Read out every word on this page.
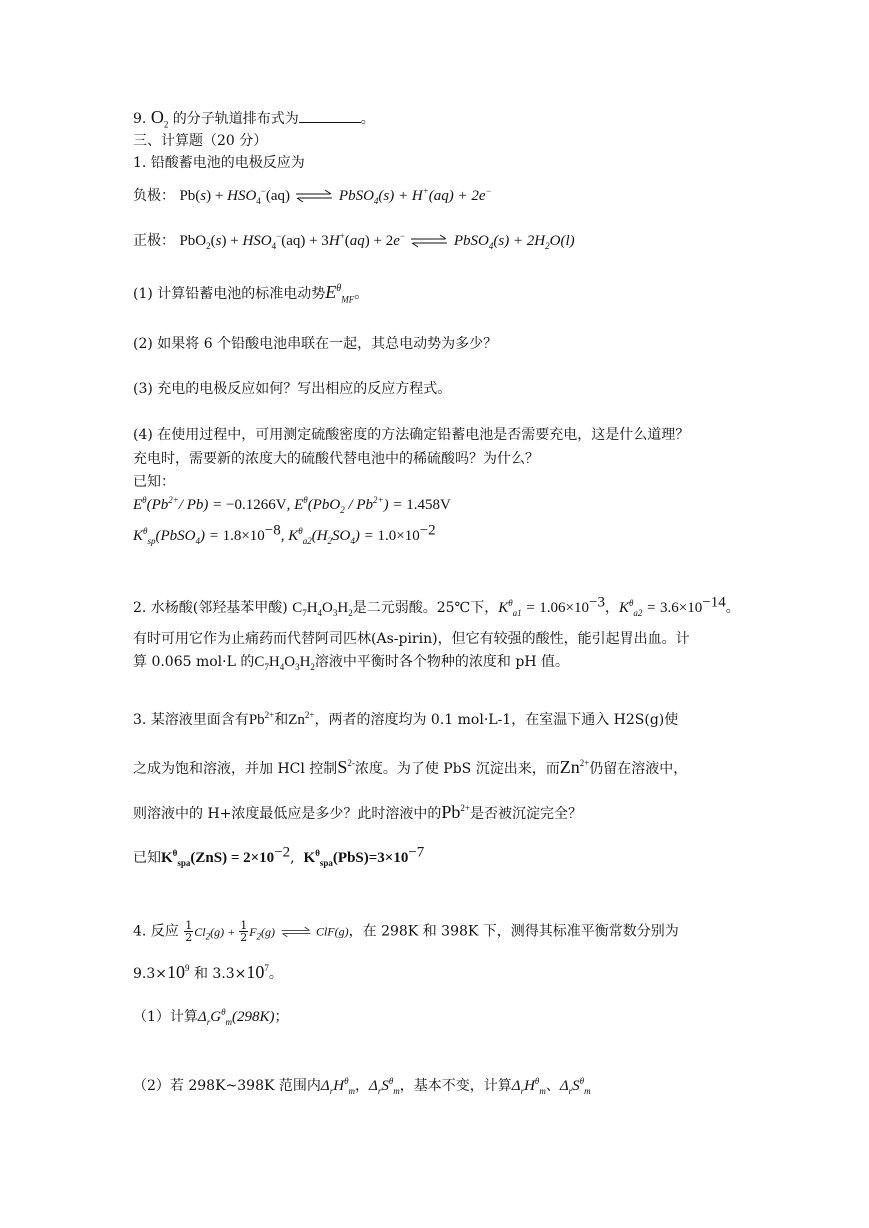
9. $O_2$ 的分子轨道排布式为	。
三、计算题（20 分）
1. 铅酸蓄电池的电极反应为
负极： $Pb(s) + HSO_4^-(aq)$ ⇌ PbSO$_4$(s) + H+(aq) + 2e−
正极： $PbO_2(s) + HSO_4^-(aq) + 3H^+(aq) + 2e^-$ ⇌ PbSO$_4$(s) + $2H_2O(l)$
(1) 计算铅蓄电池的标准电动势$E^\theta_{MF}$。
(2) 如果将 6 个铅酸电池串联在一起，其总电动势为多少？
(3) 充电的电极反应如何？写出相应的反应方程式。
(4) 在使用过程中，可用测定硫酸密度的方法确定铅蓄电池是否需要充电，这是什么道理？
充电时，需要新的浓度大的硫酸代替电池中的稀硫酸吗？为什么？
已知：
$E^\theta(Pb^{2+}/$ Pb) = −0.1266V, $E^\theta(PbO_2 / Pb^{2+}) = 1.458V$
$K^\theta_{sp}(PbSO_4) = 1.8\times 10^{-8}$, $K^\theta_{a2}(H_2SO_4) = 1.0\times 10^{-2}$
2. 水杨酸(邻羟基苯甲酸) $C_7H_4O_3H_2$是二元弱酸。25℃下，$K^\theta_{a1} = 1.06\times 10^{-3}$，$K^\theta_{a2} = 3.6\times 10^{-14}$。
有时可用它作为止痛药而代替阿司匹林(As-pirin)，但它有较强的酸性，能引起胃出血。计
算 0.065 mol·L 的$C_7H_4O_3H_2$溶液中平衡时各个物种的浓度和 pH 值。
3. 某溶液里面含有$Pb^{2+}$和$Zn^{2+}$，两者的溶度均为 0.1 mol·L-1，在室温下通入 H2S(g)使
之成为饱和溶液，并加 HCl 控制$S^{2-}$浓度。为了使 PbS 沉淀出来，而$Zn^{2+}$仍留在溶液中，
则溶液中的 H+浓度最低应是多少？此时溶液中的$Pb^{2+}$是否被沉淀完全？
已知$K^\theta_{spa}(ZnS) = 2\times 10^{-2}$,  $K^\theta_{spa}(PbS)=3\times 10^{-7}$
4. 反应 $\frac{1}{2} Cl_2(g) + \frac{1}{2} F_2(g)$ ⇌ ClF(g)，在 298K 和 398K 下，测得其标准平衡常数分别为
$9.3\times 10^9$ 和 $3.3\times 10^7$。
（1）计算$\Delta_rG^\theta_m(298K)$；
（2）若 298K~398K 范围内$\Delta_rH^\theta_m$，$\Delta_rS^\theta_m$，基本不变，计算$\Delta_rH^\theta_m$、$\Delta_rS^\theta_m$
